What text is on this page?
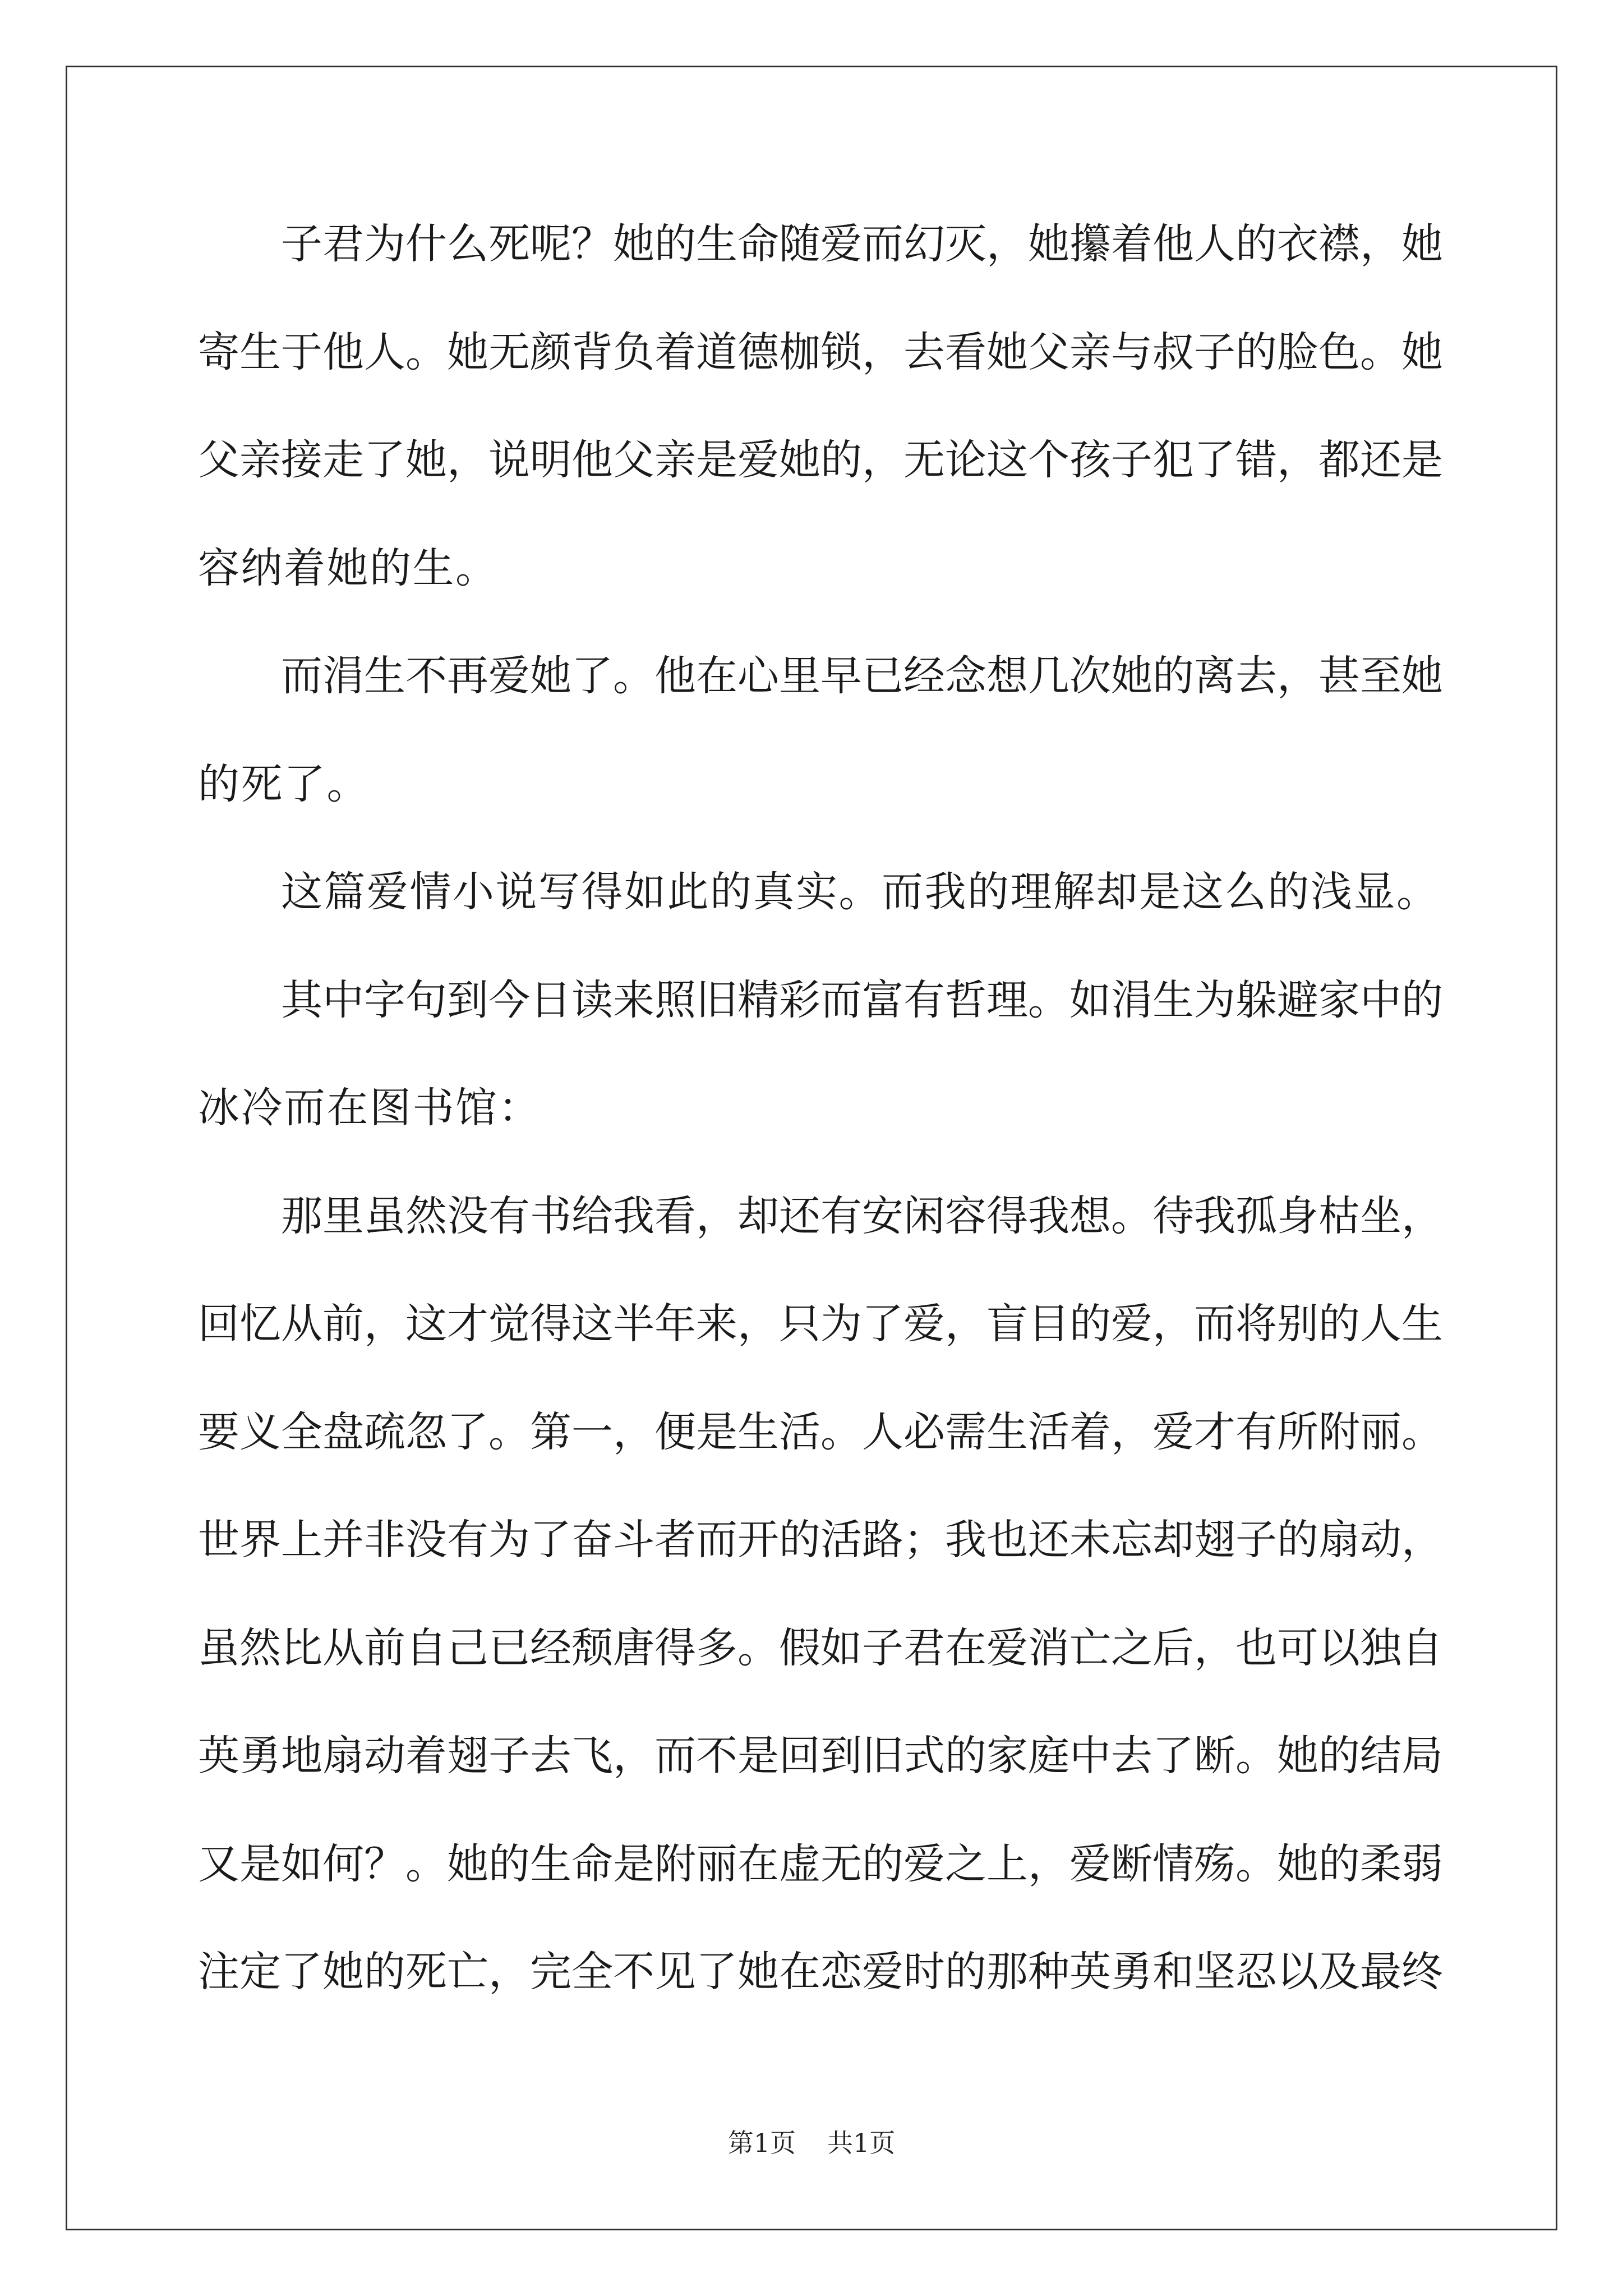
子君为什么死呢？她的生命随爱而幻灭，她攥着他人的衣襟，她
寄生于他人。她无颜背负着道德枷锁，去看她父亲与叔子的脸色。她
父亲接走了她，说明他父亲是爱她的，无论这个孩子犯了错，都还是
容纳着她的生。
而涓生不再爱她了。他在心里早已经念想几次她的离去，甚至她
的死了。
这篇爱情小说写得如此的真实。而我的理解却是这么的浅显。
其中字句到今日读来照旧精彩而富有哲理。如涓生为躲避家中的
冰冷而在图书馆：
那里虽然没有书给我看，却还有安闲容得我想。待我孤身枯坐，
回忆从前，这才觉得这半年来，只为了爱，盲目的爱，而将别的人生
要义全盘疏忽了。第一，便是生活。人必需生活着，爱才有所附丽。
世界上并非没有为了奋斗者而开的活路；我也还未忘却翅子的扇动，
虽然比从前自己已经颓唐得多。假如子君在爱消亡之后，也可以独自
英勇地扇动着翅子去飞，而不是回到旧式的家庭中去了断。她的结局
又是如何？。她的生命是附丽在虚无的爱之上，爱断情殇。她的柔弱
注定了她的死亡，完全不见了她在恋爱时的那种英勇和坚忍以及最终
第1页 共1页
